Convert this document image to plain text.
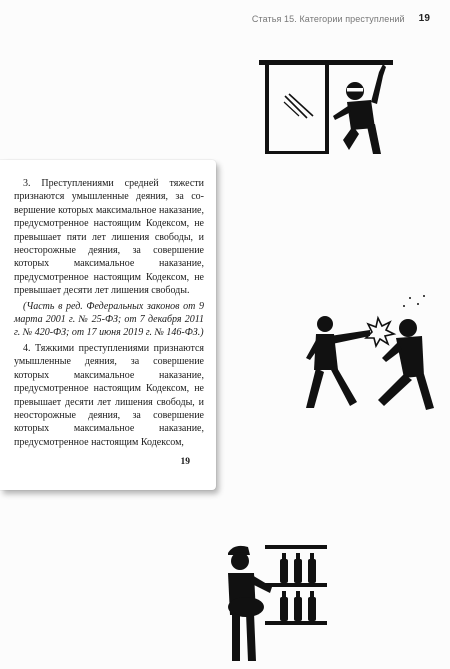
Статья 15. Категории преступлений 19

3. Преступлениями средней тяжести признаются умышленные деяния, за совершение которых максимальное наказание, предусмотренное настоящим Кодексом, не превышает пяти лет лишения свободы, и неосторожные деяния, за совершение которых максимальное наказание, предусмотренное настоящим Кодексом, не превышает десяти лет лишения свободы.

(Часть в ред. Федеральных законов от 9 марта 2001 г. № 25-ФЗ; от 7 декабря 2011 г. № 420-ФЗ; от 17 июня 2019 г. № 146-ФЗ.)

4. Тяжкими преступлениями признаются умышленные деяния, за совершение которых максимальное наказание, предусмотренное настоящим Кодексом, не превышает десяти лет лишения свободы, и неосторожные деяния, за совершение которых максимальное наказание, предусмотренное настоящим Кодексом,

19
